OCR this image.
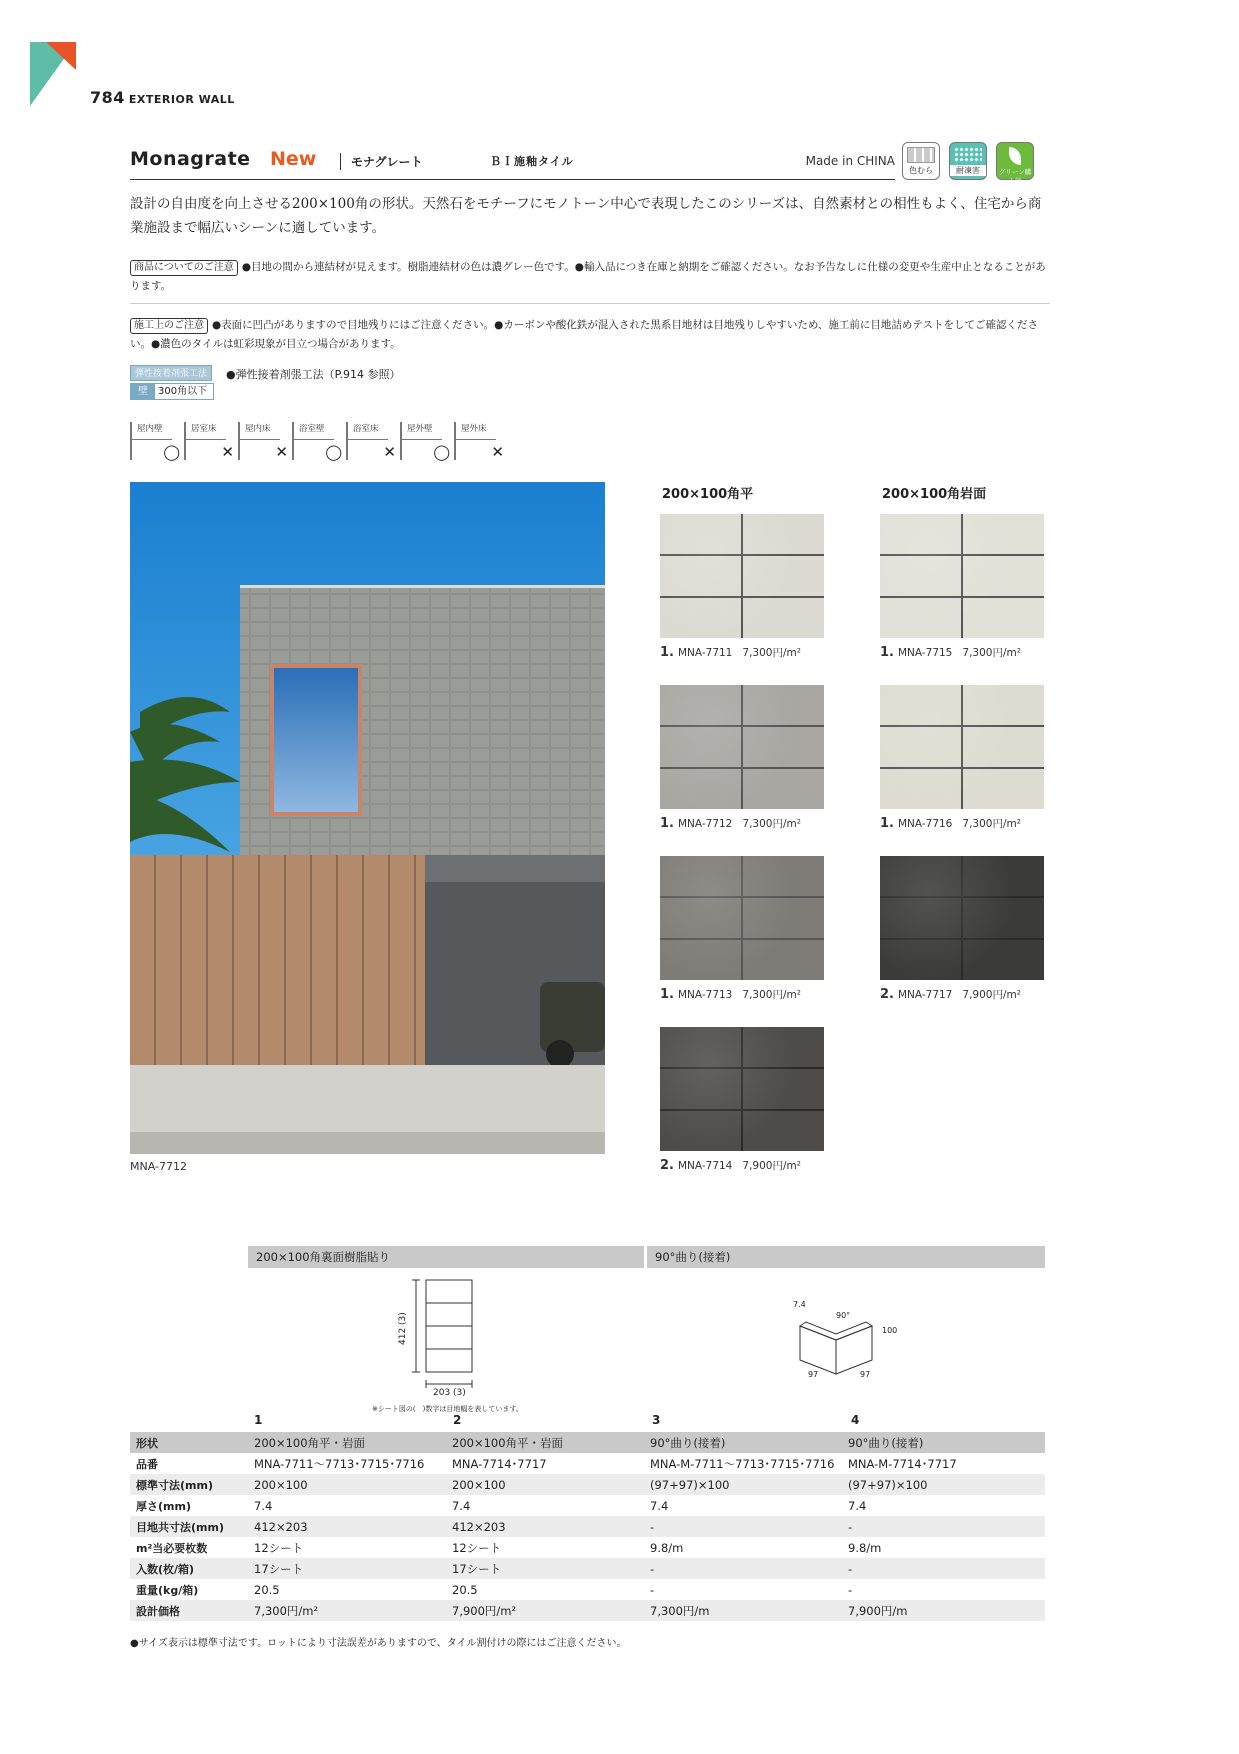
784 EXTERIOR WALL
Monagrate New	モナグレート	ＢＩ施釉タイル	Made in CHINA
色むら	耐凍害	グリーン購入法
設計の自由度を向上させる200×100角の形状。天然石をモチーフにモノトーン中心で表現したこのシリーズは、自然素材との相性もよく、住宅から商業施設まで幅広いシーンに適しています。
商品についてのご注意 ●目地の間から連結材が見えます。樹脂連結材の色は濃グレー色です。●輸入品につき在庫と納期をご確認ください。なお予告なしに仕様の変更や生産中止となることがあります。
施工上のご注意 ●表面に凹凸がありますので目地残りにはご注意ください。●カーボンや酸化鉄が混入された黒系目地材は目地残りしやすいため、施工前に目地詰めテストをしてご確認ください。●濃色のタイルは虹彩現象が目立つ場合があります。
弾性接着剤張工法
壁 300角以下
●弾性接着剤張工法（P.914 参照）
屋内壁
◯
居室床
✕
屋内床
✕
浴室壁
◯
浴室床
✕
屋外壁
◯
屋外床
✕
MNA-7712
200×100角平	200×100角岩面
1. MNA-7711 7,300円/m²
1. MNA-7712 7,300円/m²
1. MNA-7713 7,300円/m²
2. MNA-7714 7,900円/m²
1. MNA-7715 7,300円/m²
1. MNA-7716 7,300円/m²
2. MNA-7717 7,900円/m²
200×100角裏面樹脂貼り	90°曲り(接着)
412 (3)
203 (3)
※シート図の(　)数字は目地幅を表しています。
7.4
90°
100
97	97
1	2	3	4
形状	200×100角平・岩面	200×100角平・岩面	90°曲り(接着)	90°曲り(接着)
品番	MNA-7711～7713･7715･7716	MNA-7714･7717	MNA-M-7711～7713･7715･7716	MNA-M-7714･7717
標準寸法(mm)	200×100	200×100	(97+97)×100	(97+97)×100
厚さ(mm)	7.4	7.4	7.4	7.4
目地共寸法(mm)	412×203	412×203	-	-
m²当必要枚数	12シート	12シート	9.8/m	9.8/m
入数(枚/箱)	17シート	17シート	-	-
重量(kg/箱)	20.5	20.5	-	-
設計価格	7,300円/m²	7,900円/m²	7,300円/m	7,900円/m
●サイズ表示は標準寸法です。ロットにより寸法誤差がありますので、タイル割付けの際にはご注意ください。
